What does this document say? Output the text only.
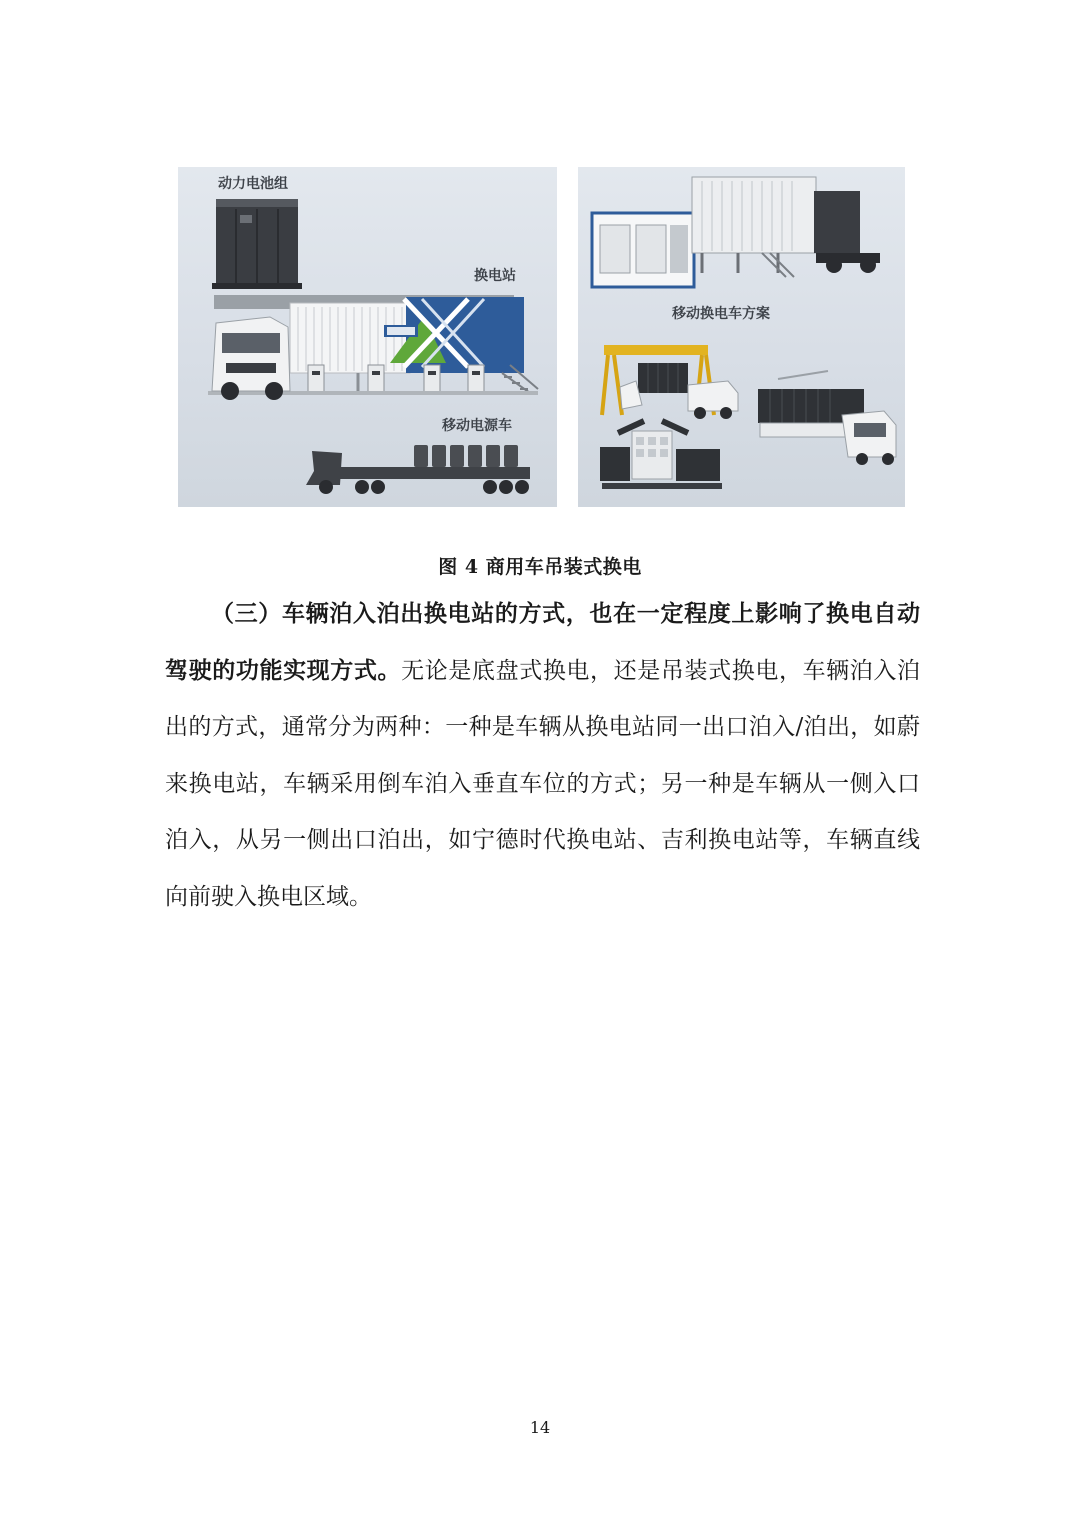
动力电池组
换电站
移动电源车
移动换电车方案
图 4 商用车吊装式换电

（三）车辆泊入泊出换电站的方式，也在一定程度上影响了换电自动驾驶的功能实现方式。无论是底盘式换电，还是吊装式换电，车辆泊入泊出的方式，通常分为两种：一种是车辆从换电站同一出口泊入/泊出，如蔚来换电站，车辆采用倒车泊入垂直车位的方式；另一种是车辆从一侧入口泊入，从另一侧出口泊出，如宁德时代换电站、吉利换电站等，车辆直线向前驶入换电区域。

14
